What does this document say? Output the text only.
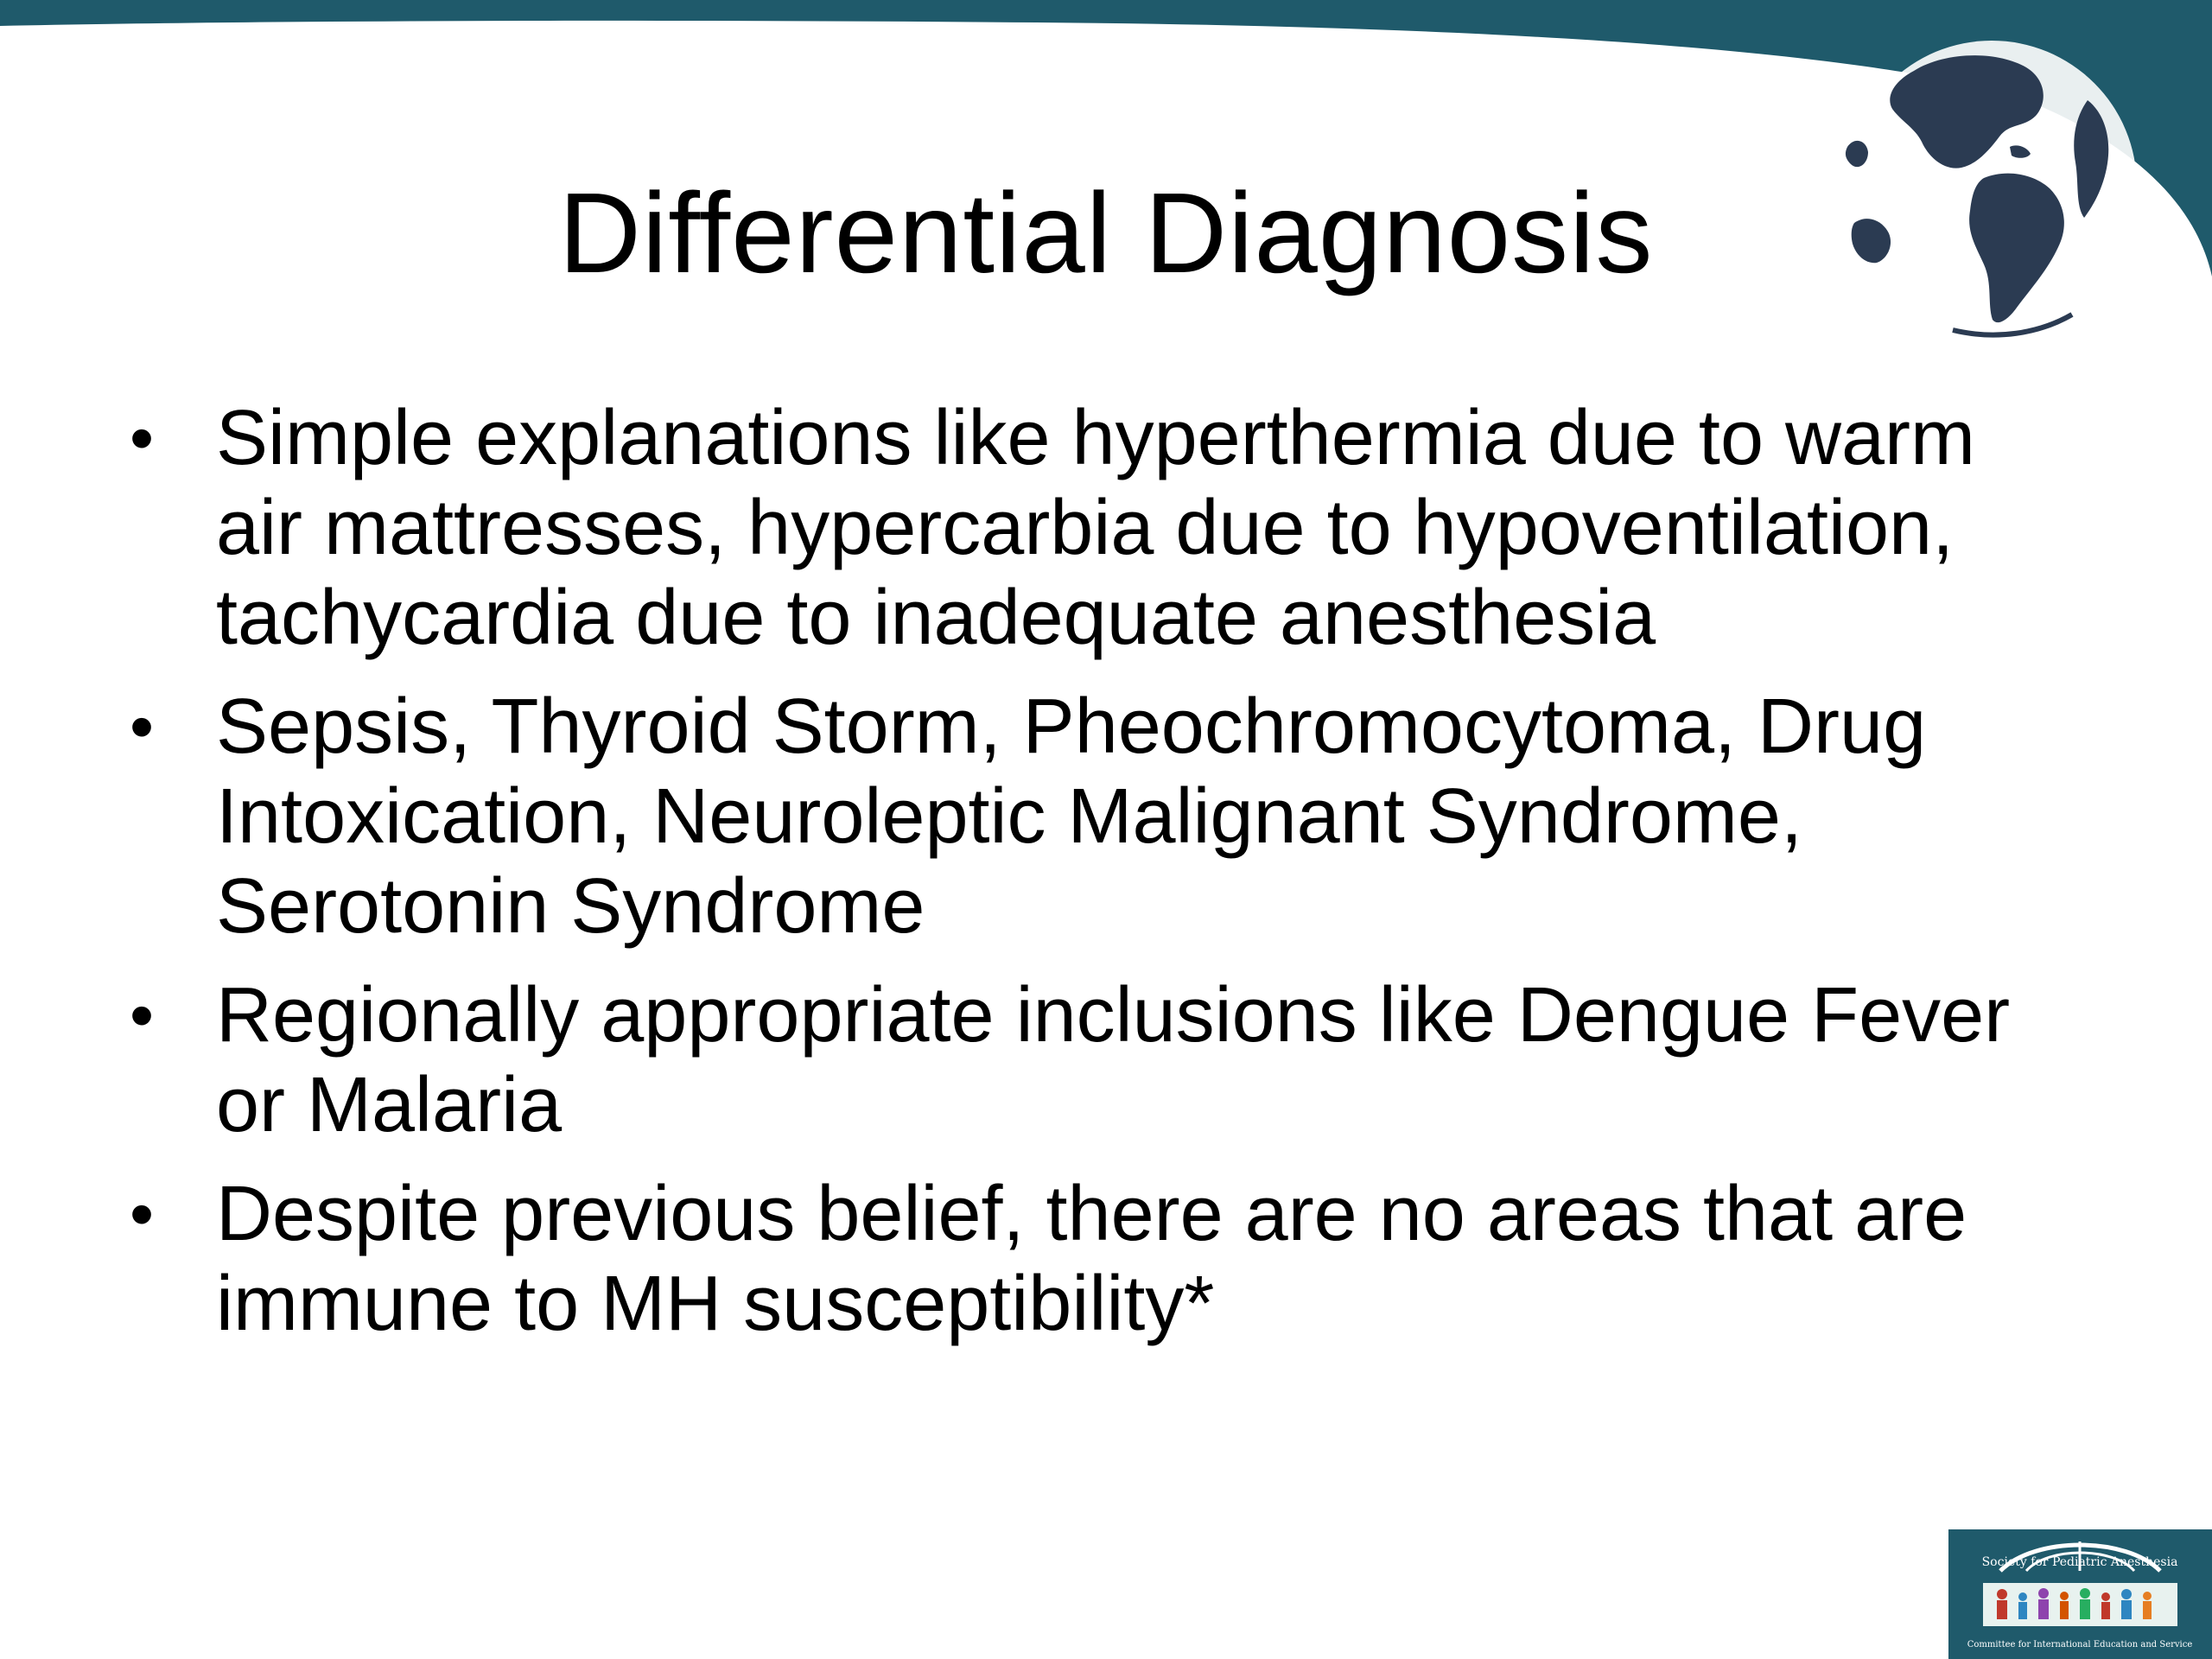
Differential Diagnosis
• Simple explanations like hyperthermia due to warm air mattresses, hypercarbia due to hypoventilation, tachycardia due to inadequate anesthesia
• Sepsis, Thyroid Storm, Pheochromocytoma, Drug Intoxication, Neuroleptic Malignant Syndrome, Serotonin Syndrome
• Regionally appropriate inclusions like Dengue Fever or Malaria
• Despite previous belief, there are no areas that are immune to MH susceptibility*
Society for Pediatric Anesthesia
Committee for International Education and Service
